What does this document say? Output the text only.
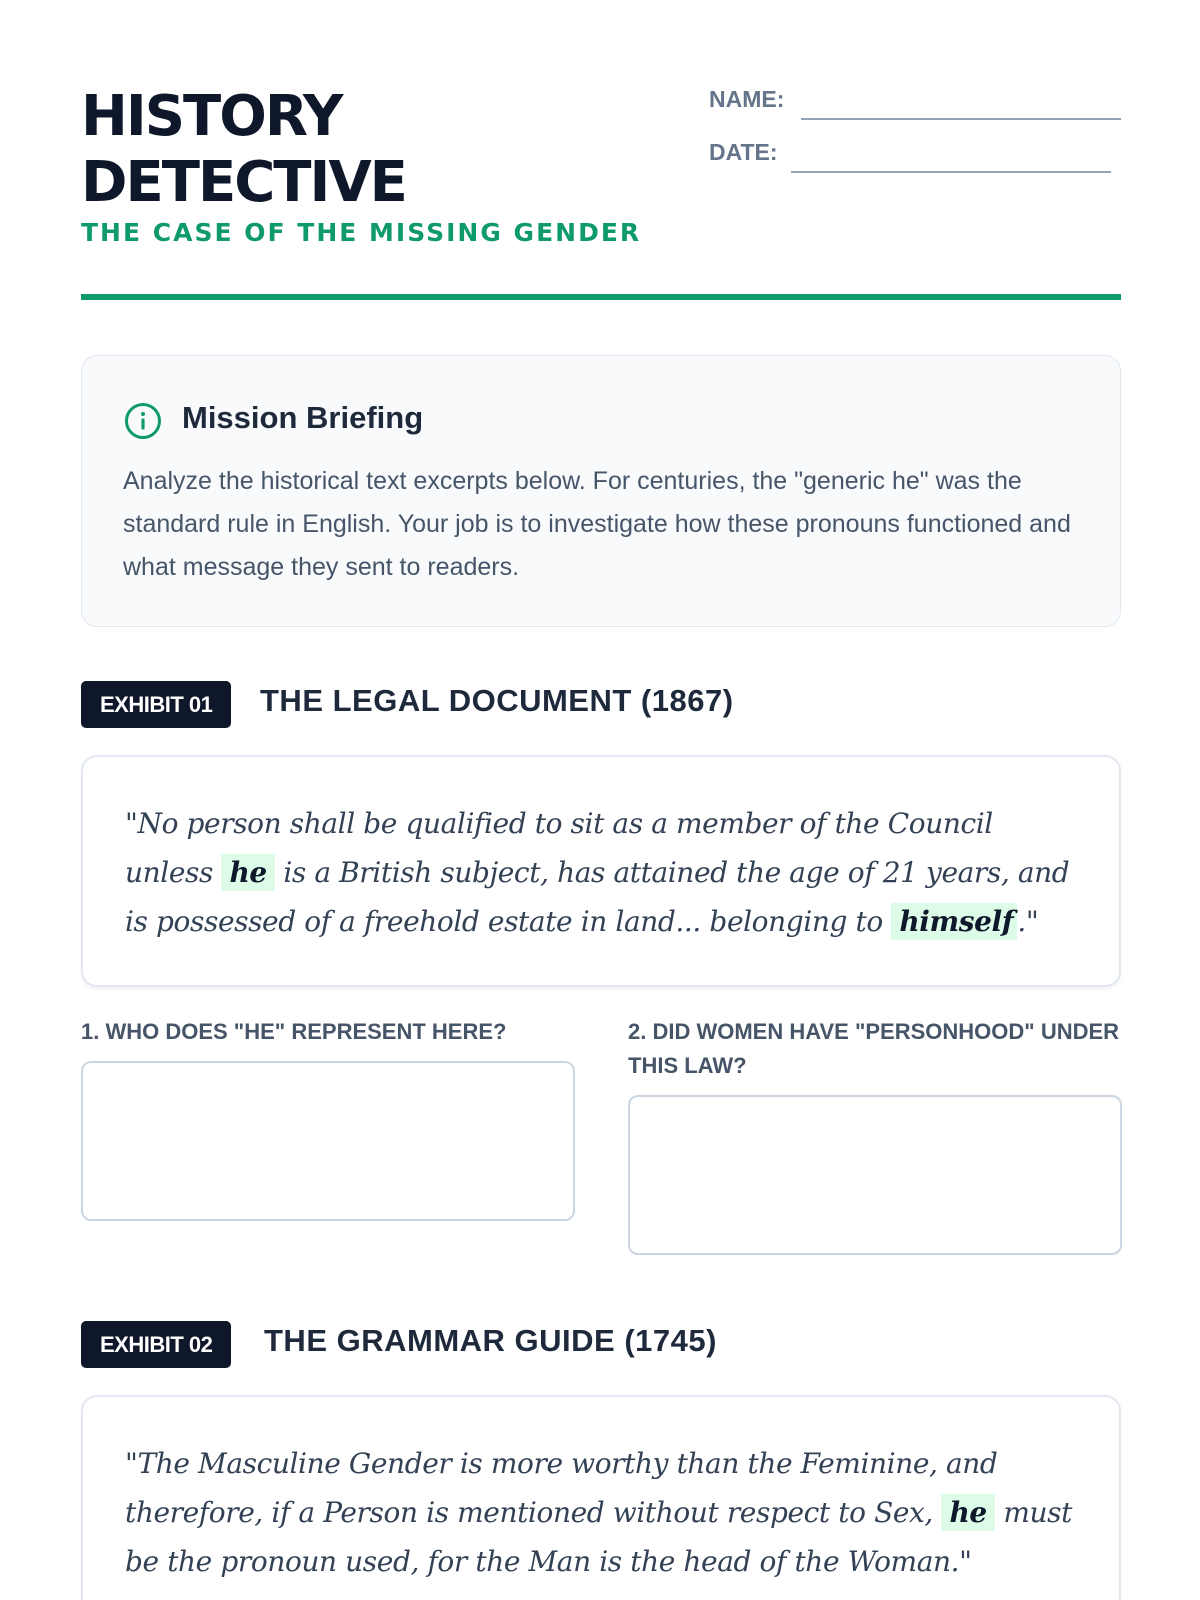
HISTORY
DETECTIVE
THE CASE OF THE MISSING GENDER
NAME:
DATE:
Mission Briefing
Analyze the historical text excerpts below. For centuries, the "generic he" was the standard rule in English. Your job is to investigate how these pronouns functioned and what message they sent to readers.
EXHIBIT 01	THE LEGAL DOCUMENT (1867)
"No person shall be qualified to sit as a member of the Council unless he is a British subject, has attained the age of 21 years, and is possessed of a freehold estate in land... belonging to himself ."
1. WHO DOES "HE" REPRESENT HERE?	2. DID WOMEN HAVE "PERSONHOOD" UNDER THIS LAW?
EXHIBIT 02	THE GRAMMAR GUIDE (1745)
"The Masculine Gender is more worthy than the Feminine, and therefore, if a Person is mentioned without respect to Sex, he must be the pronoun used, for the Man is the head of the Woman."
